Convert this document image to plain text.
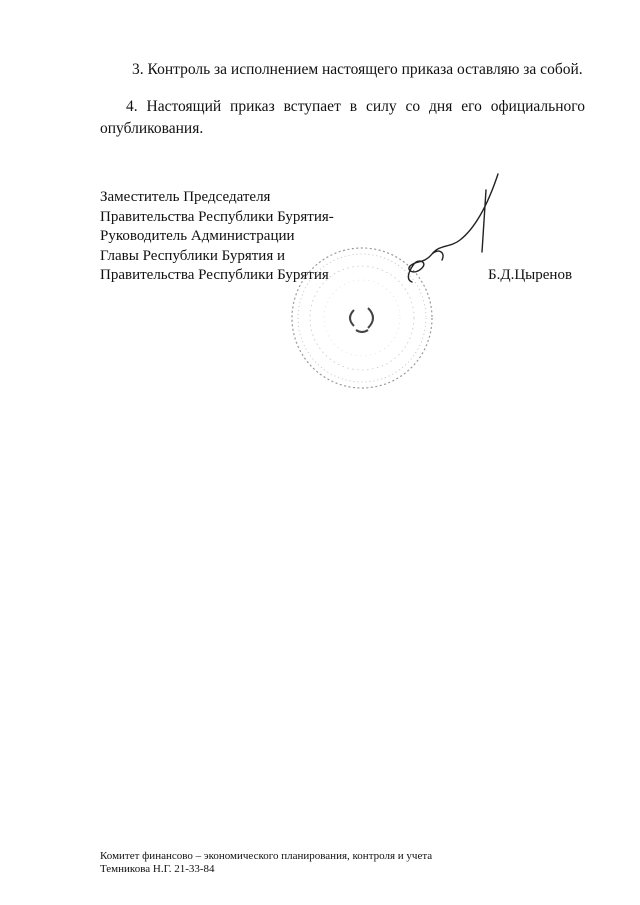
3. Контроль за исполнением настоящего приказа оставляю за собой.

4. Настоящий приказ вступает в силу со дня его официального опубликования.

Заместитель Председателя
Правительства Республики Бурятия-
Руководитель Администрации
Главы Республики Бурятия и
Правительства Республики Бурятия	Б.Д.Цыренов
Комитет финансово – экономического планирования, контроля и учета
Темникова Н.Г. 21-33-84
